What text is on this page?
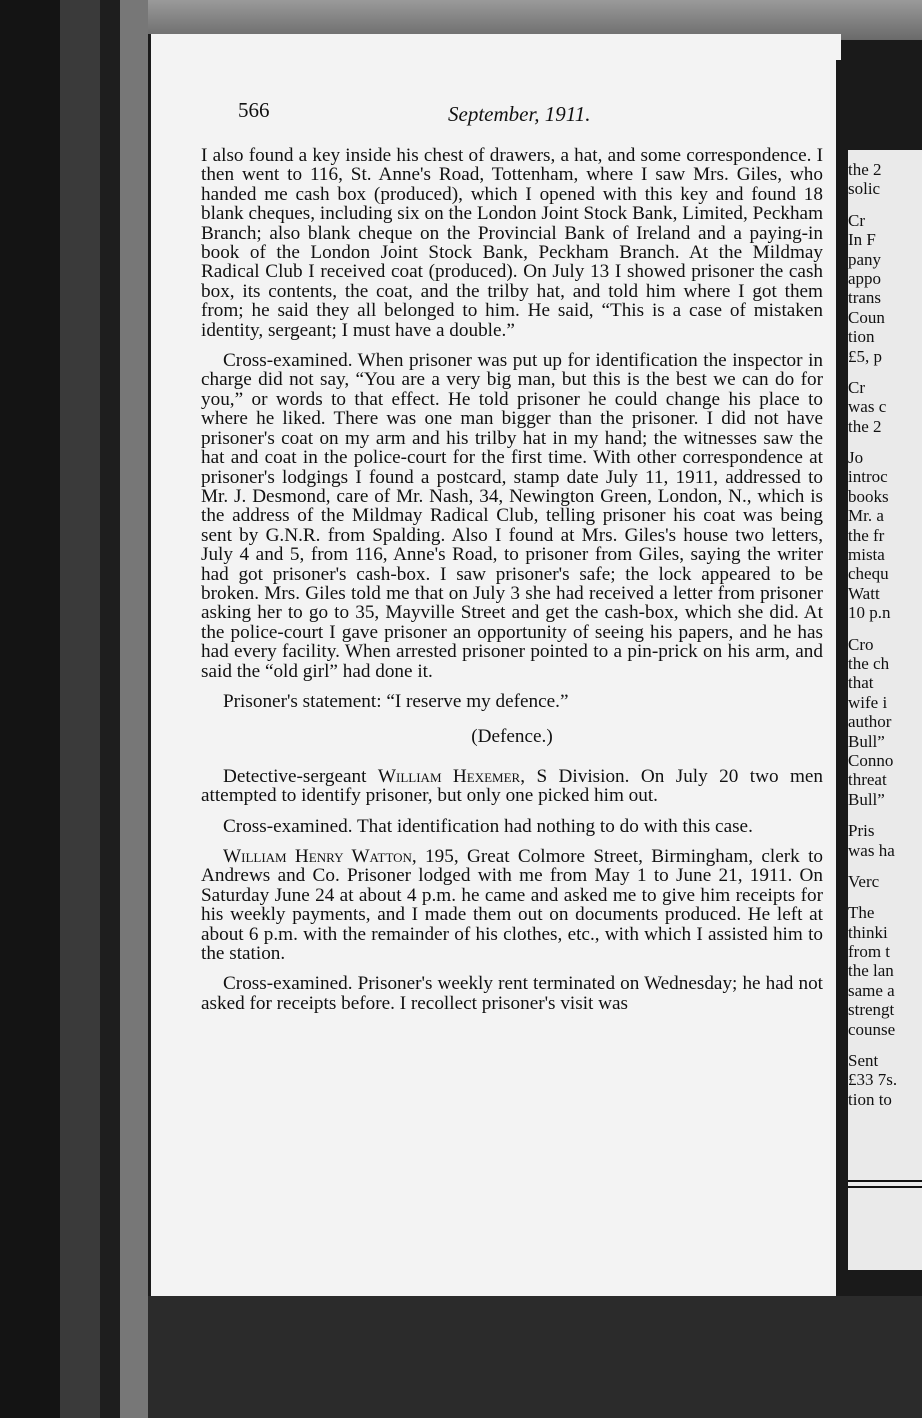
566	September, 1911.

I also found a key inside his chest of drawers, a hat, and some correspondence. I then went to 116, St. Anne's Road, Tottenham, where I saw Mrs. Giles, who handed me cash box (produced), which I opened with this key and found 18 blank cheques, including six on the London Joint Stock Bank, Limited, Peckham Branch; also blank cheque on the Provincial Bank of Ireland and a paying-in book of the London Joint Stock Bank, Peckham Branch. At the Mildmay Radical Club I received coat (produced). On July 13 I showed prisoner the cash box, its contents, the coat, and the trilby hat, and told him where I got them from; he said they all belonged to him. He said, “This is a case of mistaken identity, sergeant; I must have a double.”

Cross-examined. When prisoner was put up for identification the inspector in charge did not say, “You are a very big man, but this is the best we can do for you,” or words to that effect. He told prisoner he could change his place to where he liked. There was one man bigger than the prisoner. I did not have prisoner's coat on my arm and his trilby hat in my hand; the witnesses saw the hat and coat in the police-court for the first time. With other correspondence at prisoner's lodgings I found a postcard, stamp date July 11, 1911, addressed to Mr. J. Desmond, care of Mr. Nash, 34, Newington Green, London, N., which is the address of the Mildmay Radical Club, telling prisoner his coat was being sent by G.N.R. from Spalding. Also I found at Mrs. Giles's house two letters, July 4 and 5, from 116, Anne's Road, to prisoner from Giles, saying the writer had got prisoner's cash-box. I saw prisoner's safe; the lock appeared to be broken. Mrs. Giles told me that on July 3 she had received a letter from prisoner asking her to go to 35, Mayville Street and get the cash-box, which she did. At the police-court I gave prisoner an opportunity of seeing his papers, and he has had every facility. When arrested prisoner pointed to a pin-prick on his arm, and said the “old girl” had done it.

Prisoner's statement: “I reserve my defence.”

(Defence.)

Detective-sergeant William Hexemer, S Division. On July 20 two men attempted to identify prisoner, but only one picked him out.

Cross-examined. That identification had nothing to do with this case.

William Henry Watton, 195, Great Colmore Street, Birmingham, clerk to Andrews and Co. Prisoner lodged with me from May 1 to June 21, 1911. On Saturday June 24 at about 4 p.m. he came and asked me to give him receipts for his weekly payments, and I made them out on documents produced. He left at about 6 p.m. with the remainder of his clothes, etc., with which I assisted him to the station.

Cross-examined. Prisoner's weekly rent terminated on Wednesday; he had not asked for receipts before. I recollect prisoner's visit was

the 2
solic
Cr
In F
pany
appo
trans
Coun
tion
£5, p
Cr
was c
the 2
Jo
introc
books
Mr. a
the fr
mista
chequ
Watt
10 p.n
Cro
the ch
that
wife i
author
Bull”
Conno
threat
Bull”
Pris
was ha
Verc
The
thinki
from t
the lan
same a
strengt
counse
Sent
£33 7s.
tion to
